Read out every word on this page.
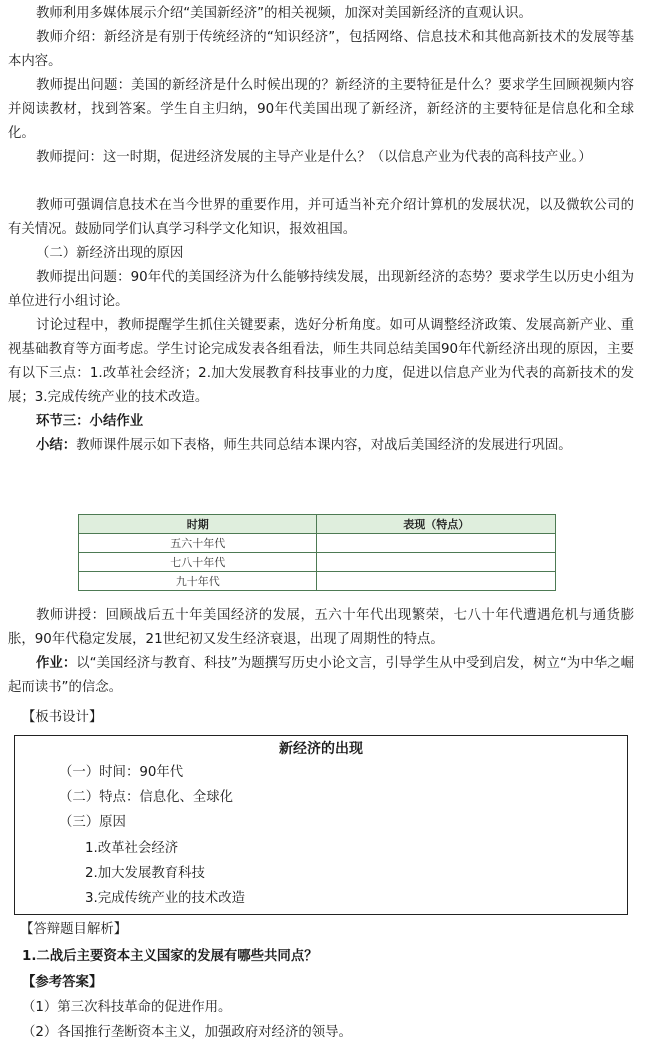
教师利用多媒体展示介绍“美国新经济”的相关视频，加深对美国新经济的直观认识。

教师介绍：新经济是有别于传统经济的“知识经济”，包括网络、信息技术和其他高新技术的发展等基本内容。

教师提出问题：美国的新经济是什么时候出现的？新经济的主要特征是什么？要求学生回顾视频内容并阅读教材，找到答案。学生自主归纳，90年代美国出现了新经济，新经济的主要特征是信息化和全球化。

教师提问：这一时期，促进经济发展的主导产业是什么？（以信息产业为代表的高科技产业。）

教师可强调信息技术在当今世界的重要作用，并可适当补充介绍计算机的发展状况，以及微软公司的有关情况。鼓励同学们认真学习科学文化知识，报效祖国。

（二）新经济出现的原因

教师提出问题：90年代的美国经济为什么能够持续发展，出现新经济的态势？要求学生以历史小组为单位进行小组讨论。

讨论过程中，教师提醒学生抓住关键要素，选好分析角度。如可从调整经济政策、发展高新产业、重视基础教育等方面考虑。学生讨论完成发表各组看法，师生共同总结美国90年代新经济出现的原因，主要有以下三点：1.改革社会经济；2.加大发展教育科技事业的力度，促进以信息产业为代表的高新技术的发展；3.完成传统产业的技术改造。

环节三：小结作业

小结：教师课件展示如下表格，师生共同总结本课内容，对战后美国经济的发展进行巩固。

时期	表现（特点）
五六十年代	
七八十年代	
九十年代	

教师讲授：回顾战后五十年美国经济的发展，五六十年代出现繁荣，七八十年代遭遇危机与通货膨胀，90年代稳定发展，21世纪初又发生经济衰退，出现了周期性的特点。

作业：以“美国经济与教育、科技”为题撰写历史小论文言，引导学生从中受到启发，树立“为中华之崛起而读书”的信念。

【板书设计】

新经济的出现
（一）时间：90年代
（二）特点：信息化、全球化
（三）原因
1.改革社会经济
2.加大发展教育科技
3.完成传统产业的技术改造

【答辩题目解析】

1.二战后主要资本主义国家的发展有哪些共同点？

【参考答案】

（1）第三次科技革命的促进作用。

（2）各国推行垄断资本主义，加强政府对经济的领导。
